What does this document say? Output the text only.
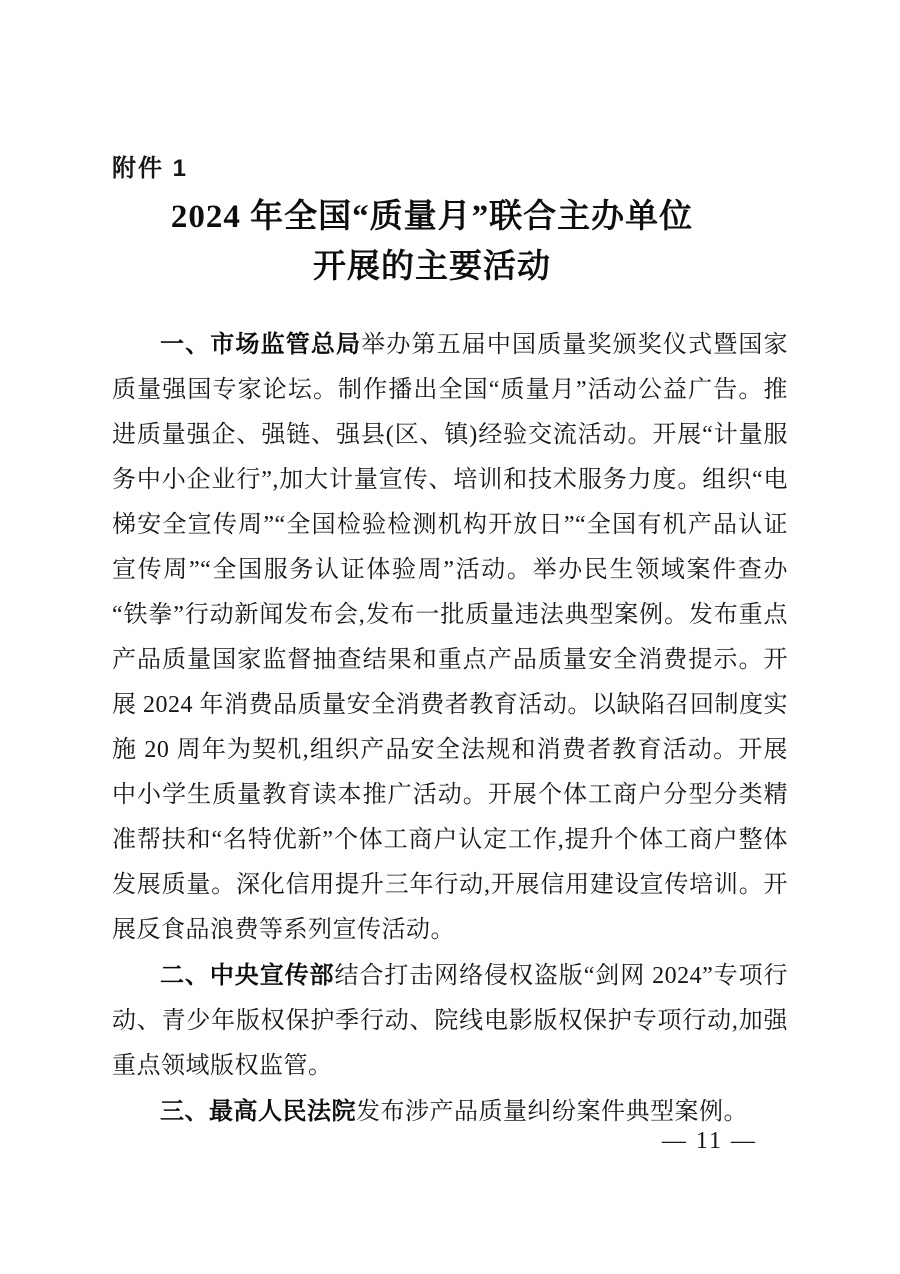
附件 1
2024 年全国“质量月”联合主办单位
开展的主要活动

一、市场监管总局举办第五届中国质量奖颁奖仪式暨国家质量强国专家论坛。制作播出全国“质量月”活动公益广告。推进质量强企、强链、强县(区、镇)经验交流活动。开展“计量服务中小企业行”,加大计量宣传、培训和技术服务力度。组织“电梯安全宣传周”“全国检验检测机构开放日”“全国有机产品认证宣传周”“全国服务认证体验周”活动。举办民生领域案件查办“铁拳”行动新闻发布会,发布一批质量违法典型案例。发布重点产品质量国家监督抽查结果和重点产品质量安全消费提示。开展 2024 年消费品质量安全消费者教育活动。以缺陷召回制度实施 20 周年为契机,组织产品安全法规和消费者教育活动。开展中小学生质量教育读本推广活动。开展个体工商户分型分类精准帮扶和“名特优新”个体工商户认定工作,提升个体工商户整体发展质量。深化信用提升三年行动,开展信用建设宣传培训。开展反食品浪费等系列宣传活动。

二、中央宣传部结合打击网络侵权盗版“剑网 2024”专项行动、青少年版权保护季行动、院线电影版权保护专项行动,加强重点领域版权监管。

三、最高人民法院发布涉产品质量纠纷案件典型案例。

— 11 —
